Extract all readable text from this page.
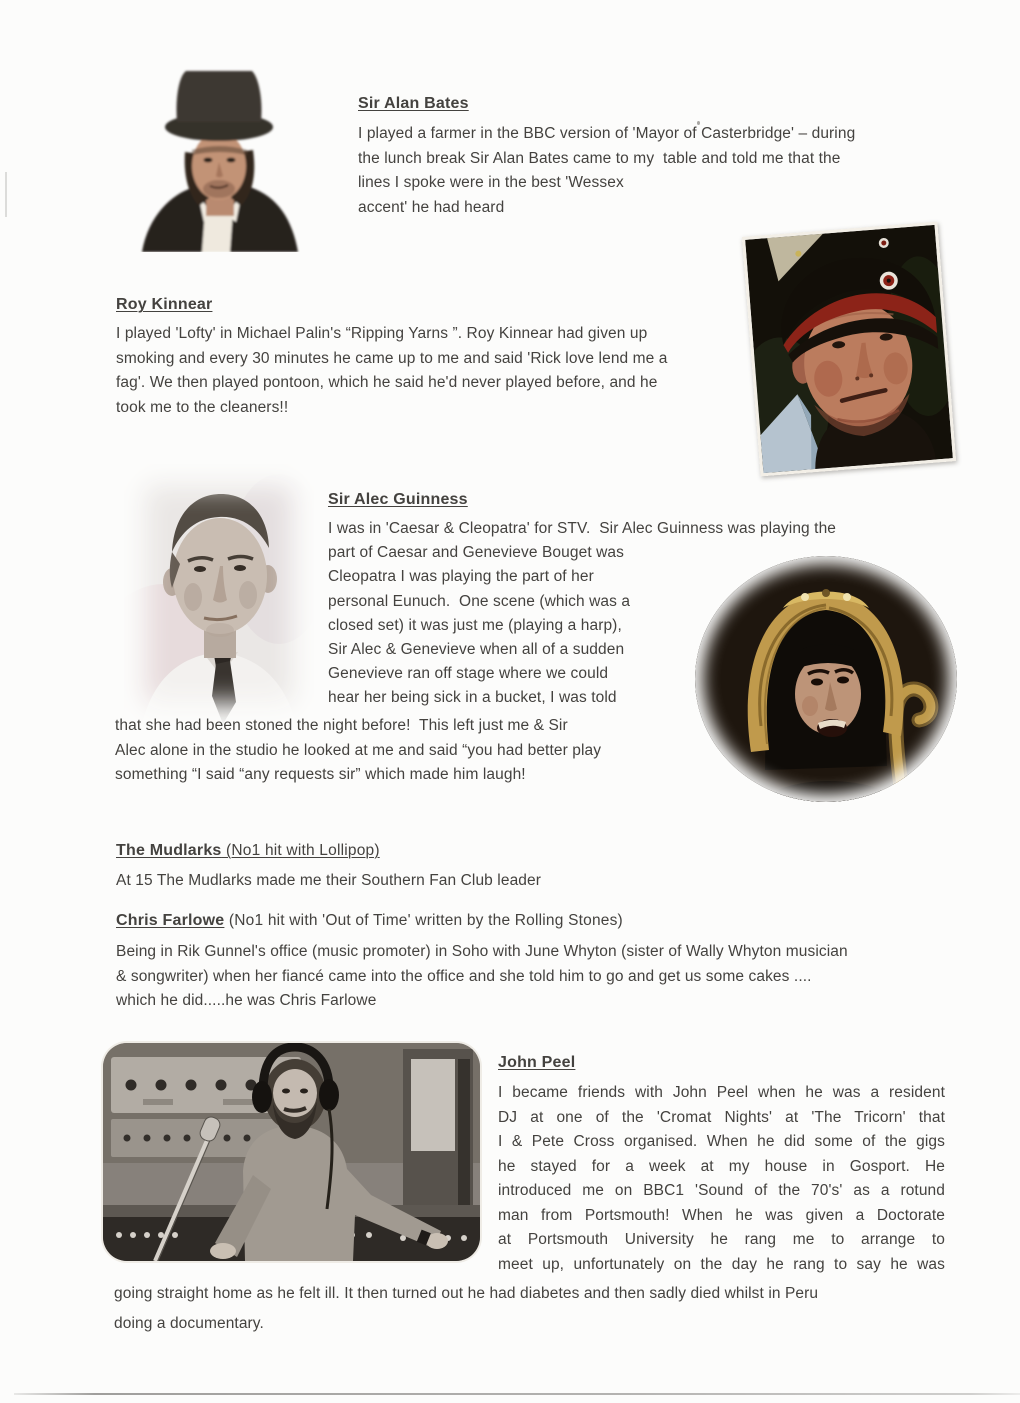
Sir Alan Bates
I played a farmer in the BBC version of 'Mayor of Casterbridge' – during
the lunch break Sir Alan Bates came to my  table and told me that the
lines I spoke were in the best 'Wessex
accent' he had heard
Roy Kinnear
I played 'Lofty' in Michael Palin's “Ripping Yarns ”. Roy Kinnear had given up
smoking and every 30 minutes he came up to me and said 'Rick love lend me a
fag'. We then played pontoon, which he said he'd never played before, and he
took me to the cleaners!!
Sir Alec Guinness
I was in 'Caesar & Cleopatra' for STV.  Sir Alec Guinness was playing the
part of Caesar and Genevieve Bouget was
Cleopatra I was playing the part of her
personal Eunuch.  One scene (which was a
closed set) it was just me (playing a harp),
Sir Alec & Genevieve when all of a sudden
Genevieve ran off stage where we could
hear her being sick in a bucket, I was told
that she had been stoned the night before!  This left just me & Sir
Alec alone in the studio he looked at me and said “you had better play
something “I said “any requests sir” which made him laugh!
The Mudlarks (No1 hit with Lollipop)
At 15 The Mudlarks made me their Southern Fan Club leader
Chris Farlowe (No1 hit with 'Out of Time' written by the Rolling Stones)
Being in Rik Gunnel's office (music promoter) in Soho with June Whyton (sister of Wally Whyton musician
& songwriter) when her fiancé came into the office and she told him to go and get us some cakes ....
which he did.....he was Chris Farlowe
John Peel
I became friends with John Peel when he was a resident
DJ at one of the 'Cromat Nights' at 'The Tricorn' that
I & Pete Cross organised. When he did some of the gigs
he stayed for a week at my house in Gosport. He
introduced me on BBC1 'Sound of the 70's' as a rotund
man from Portsmouth! When he was given a Doctorate
at Portsmouth University he rang me to arrange to
meet up, unfortunately on the day he rang to say he was
going straight home as he felt ill. It then turned out he had diabetes and then sadly died whilst in Peru
doing a documentary.
